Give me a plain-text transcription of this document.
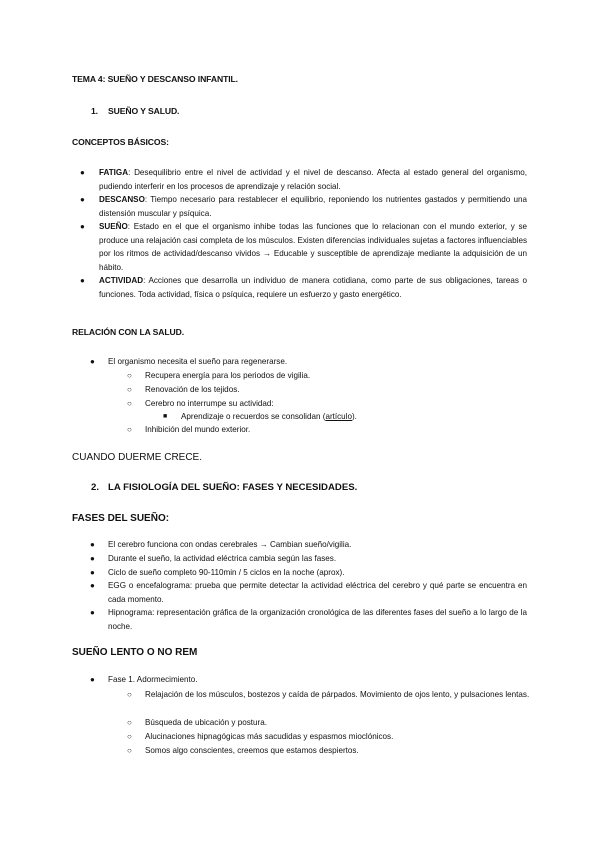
TEMA 4: SUEÑO Y DESCANSO INFANTIL.
1. SUEÑO Y SALUD.
CONCEPTOS BÁSICOS:
● FATIGA: Desequilibrio entre el nivel de actividad y el nivel de descanso. Afecta al estado general del organismo, pudiendo interferir en los procesos de aprendizaje y relación social.
● DESCANSO: Tiempo necesario para restablecer el equilibrio, reponiendo los nutrientes gastados y permitiendo una distensión muscular y psíquica.
● SUEÑO: Estado en el que el organismo inhibe todas las funciones que lo relacionan con el mundo exterior, y se produce una relajación casi completa de los músculos. Existen diferencias individuales sujetas a factores influenciables por los ritmos de actividad/descanso vividos → Educable y susceptible de aprendizaje mediante la adquisición de un hábito.
● ACTIVIDAD: Acciones que desarrolla un individuo de manera cotidiana, como parte de sus obligaciones, tareas o funciones. Toda actividad, física o psíquica, requiere un esfuerzo y gasto energético.
RELACIÓN CON LA SALUD.
● El organismo necesita el sueño para regenerarse.
○ Recupera energía para los periodos de vigilia.
○ Renovación de los tejidos.
○ Cerebro no interrumpe su actividad:
■ Aprendizaje o recuerdos se consolidan (artículo).
○ Inhibición del mundo exterior.
CUANDO DUERME CRECE.
2. LA FISIOLOGÍA DEL SUEÑO: FASES Y NECESIDADES.
FASES DEL SUEÑO:
● El cerebro funciona con ondas cerebrales → Cambian sueño/vigilia.
● Durante el sueño, la actividad eléctrica cambia según las fases.
● Ciclo de sueño completo 90-110min / 5 ciclos en la noche (aprox).
● EGG o encefalograma: prueba que permite detectar la actividad eléctrica del cerebro y qué parte se encuentra en cada momento.
● Hipnograma: representación gráfica de la organización cronológica de las diferentes fases del sueño a lo largo de la noche.
SUEÑO LENTO O NO REM
● Fase 1. Adormecimiento.
○ Relajación de los músculos, bostezos y caída de párpados. Movimiento de ojos lento, y pulsaciones lentas.
○ Búsqueda de ubicación y postura.
○ Alucinaciones hipnagógicas más sacudidas y espasmos mioclónicos.
○ Somos algo conscientes, creemos que estamos despiertos.
